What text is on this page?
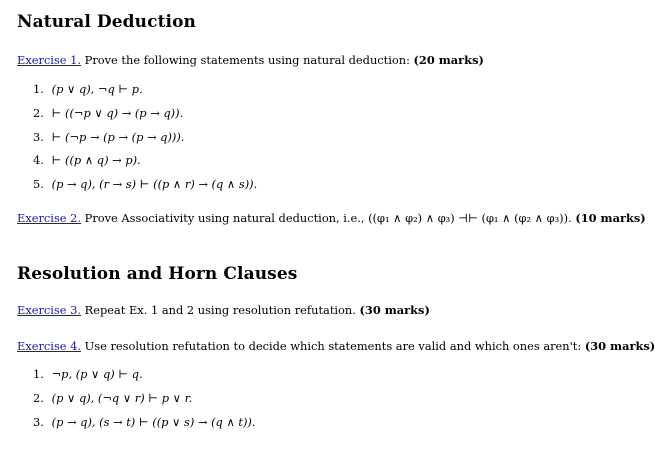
Natural Deduction
Exercise 1. Prove the following statements using natural deduction: (20 marks)
1. (p ∨ q), ¬q ⊢ p.
2. ⊢ ((¬p ∨ q) → (p → q)).
3. ⊢ (¬p → (p → (p → q))).
4. ⊢ ((p ∧ q) → p).
5. (p → q), (r → s) ⊢ ((p ∧ r) → (q ∧ s)).
Exercise 2. Prove Associativity using natural deduction, i.e., ((φ₁ ∧ φ₂) ∧ φ₃) ⊣⊢ (φ₁ ∧ (φ₂ ∧ φ₃)). (10 marks)
Resolution and Horn Clauses
Exercise 3. Repeat Ex. 1 and 2 using resolution refutation. (30 marks)
Exercise 4. Use resolution refutation to decide which statements are valid and which ones aren't: (30 marks)
1. ¬p, (p ∨ q) ⊢ q.
2. (p ∨ q), (¬q ∨ r) ⊢ p ∨ r.
3. (p → q), (s → t) ⊢ ((p ∨ s) → (q ∧ t)).
